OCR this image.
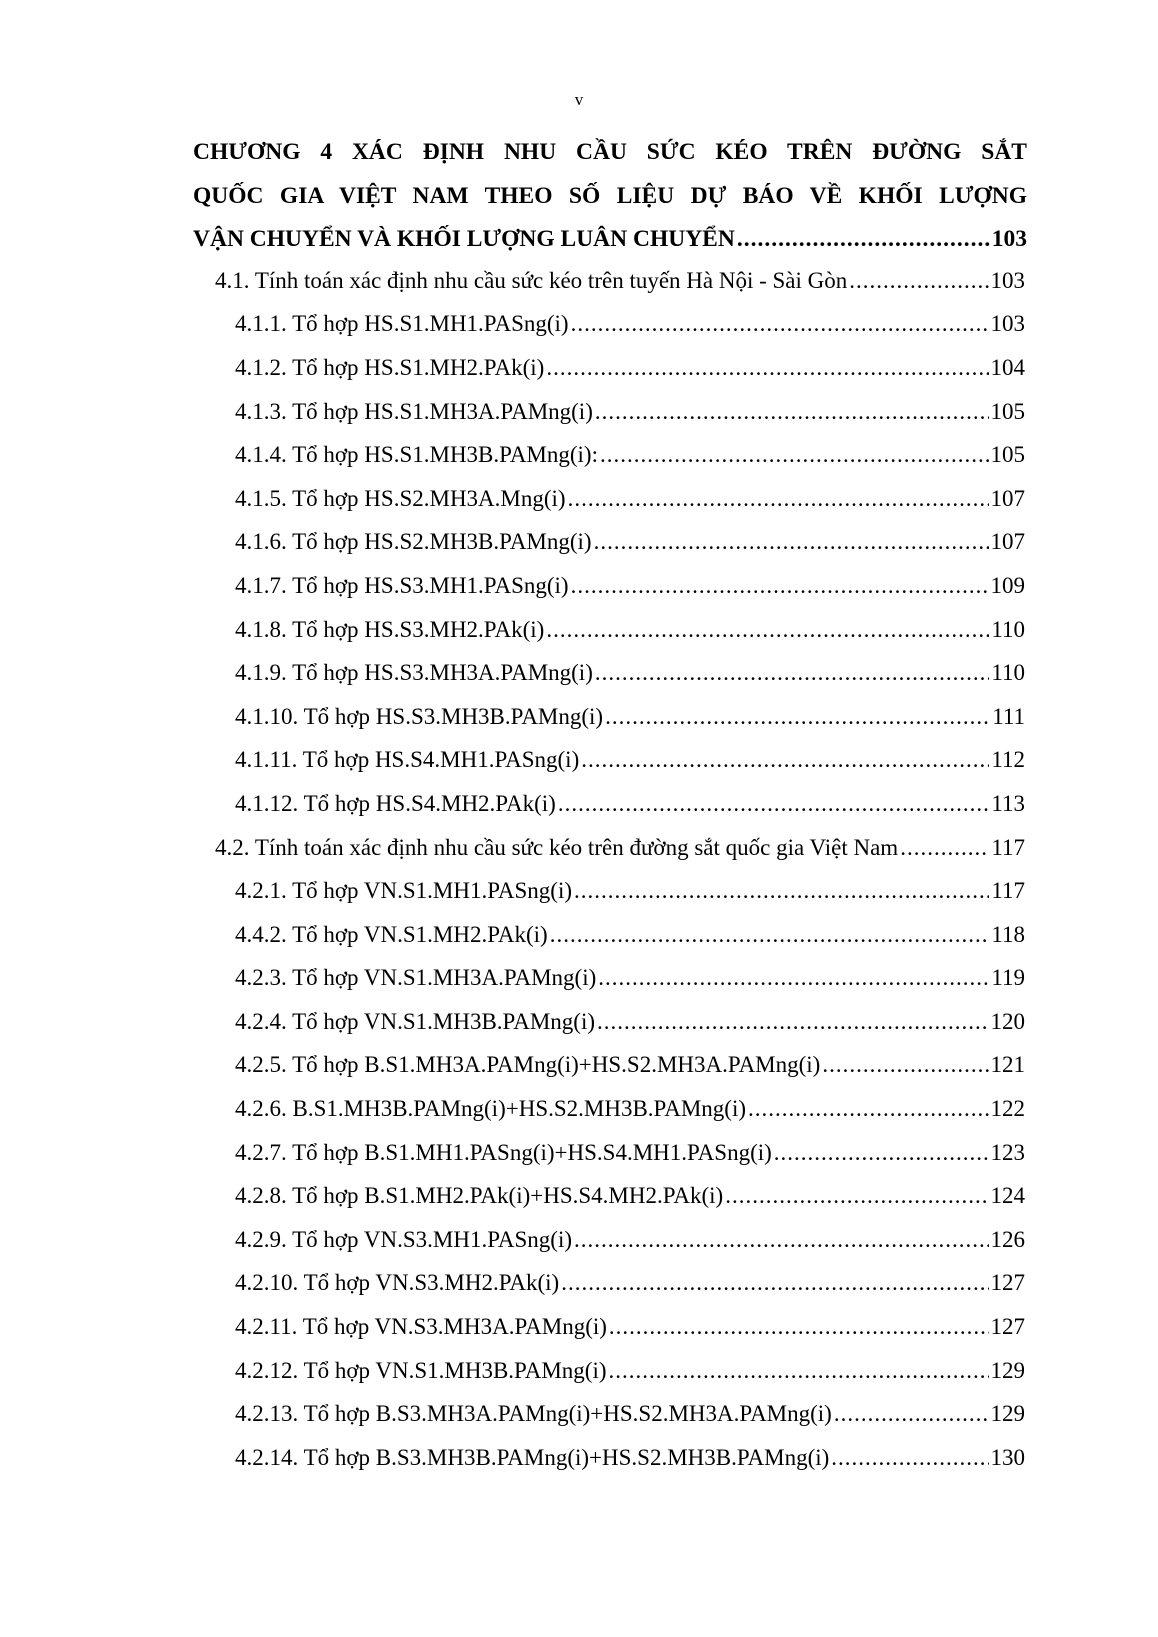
v
CHƯƠNG 4 XÁC ĐỊNH NHU CẦU SỨC KÉO TRÊN ĐƯỜNG SẮT
QUỐC GIA VIỆT NAM THEO SỐ LIỆU DỰ BÁO VỀ KHỐI LƯỢNG
VẬN CHUYỂN VÀ KHỐI LƯỢNG LUÂN CHUYỂN .....	103
4.1. Tính toán xác định nhu cầu sức kéo trên tuyến Hà Nội - Sài Gòn .....	103
4.1.1. Tổ hợp HS.S1.MH1.PASng(i) .....	103
4.1.2. Tổ hợp HS.S1.MH2.PAk(i) .....	104
4.1.3. Tổ hợp HS.S1.MH3A.PAMng(i) .....	105
4.1.4. Tổ hợp HS.S1.MH3B.PAMng(i): .....	105
4.1.5. Tổ hợp HS.S2.MH3A.Mng(i) .....	107
4.1.6. Tổ hợp HS.S2.MH3B.PAMng(i) .....	107
4.1.7. Tổ hợp HS.S3.MH1.PASng(i) .....	109
4.1.8. Tổ hợp HS.S3.MH2.PAk(i) .....	110
4.1.9. Tổ hợp HS.S3.MH3A.PAMng(i) .....	110
4.1.10. Tổ hợp HS.S3.MH3B.PAMng(i) .....	111
4.1.11. Tổ hợp HS.S4.MH1.PASng(i) .....	112
4.1.12. Tổ hợp HS.S4.MH2.PAk(i) .....	113
4.2. Tính toán xác định nhu cầu sức kéo trên đường sắt quốc gia Việt Nam .....	117
4.2.1. Tổ hợp VN.S1.MH1.PASng(i) .....	117
4.4.2. Tổ hợp VN.S1.MH2.PAk(i) .....	118
4.2.3. Tổ hợp VN.S1.MH3A.PAMng(i) .....	119
4.2.4. Tổ hợp VN.S1.MH3B.PAMng(i) .....	120
4.2.5. Tổ hợp B.S1.MH3A.PAMng(i)+HS.S2.MH3A.PAMng(i) .....	121
4.2.6. B.S1.MH3B.PAMng(i)+HS.S2.MH3B.PAMng(i) .....	122
4.2.7. Tổ hợp B.S1.MH1.PASng(i)+HS.S4.MH1.PASng(i) .....	123
4.2.8. Tổ hợp B.S1.MH2.PAk(i)+HS.S4.MH2.PAk(i) .....	124
4.2.9. Tổ hợp VN.S3.MH1.PASng(i) .....	126
4.2.10. Tổ hợp VN.S3.MH2.PAk(i) .....	127
4.2.11. Tổ hợp VN.S3.MH3A.PAMng(i) .....	127
4.2.12. Tổ hợp VN.S1.MH3B.PAMng(i) .....	129
4.2.13. Tổ hợp B.S3.MH3A.PAMng(i)+HS.S2.MH3A.PAMng(i) .....	129
4.2.14. Tổ hợp B.S3.MH3B.PAMng(i)+HS.S2.MH3B.PAMng(i) .....	130
